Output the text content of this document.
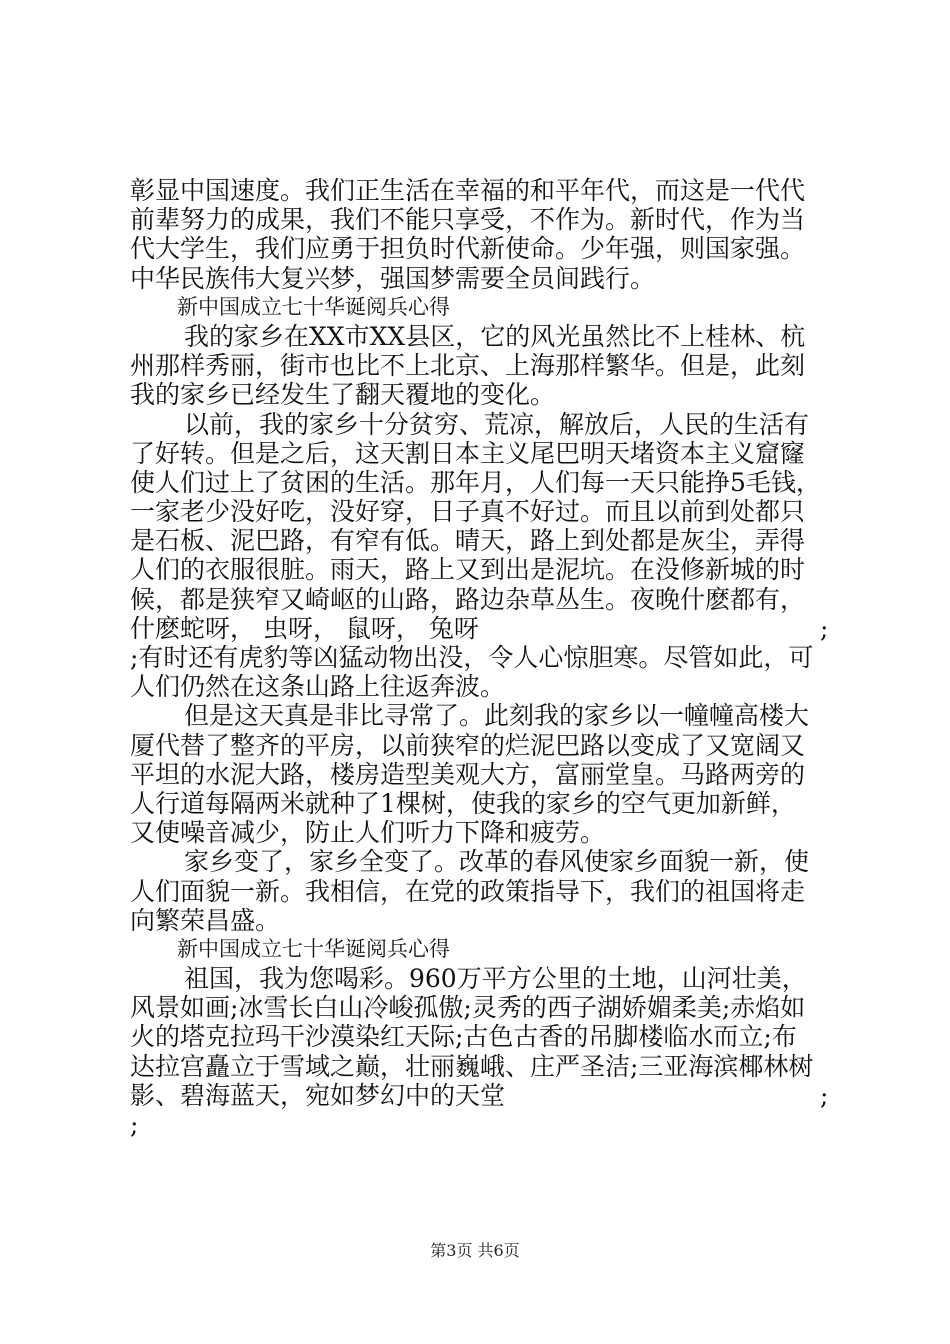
彰显中国速度。我们正生活在幸福的和平年代，而这是一代代
前辈努力的成果，我们不能只享受，不作为。新时代，作为当
代大学生，我们应勇于担负时代新使命。少年强，则国家强。
中华民族伟大复兴梦，强国梦需要全员间践行。
新中国成立七十华诞阅兵心得
我的家乡在XX市XX县区，它的风光虽然比不上桂林、杭
州那样秀丽，街市也比不上北京、上海那样繁华。但是，此刻
我的家乡已经发生了翻天覆地的变化。
以前，我的家乡十分贫穷、荒凉，解放后，人民的生活有
了好转。但是之后，这天割日本主义尾巴明天堵资本主义窟窿
使人们过上了贫困的生活。那年月，人们每一天只能挣5毛钱，
一家老少没好吃，没好穿，日子真不好过。而且以前到处都只
是石板、泥巴路，有窄有低。晴天，路上到处都是灰尘，弄得
人们的衣服很脏。雨天，路上又到出是泥坑。在没修新城的时
候，都是狭窄又崎岖的山路，路边杂草丛生。夜晚什麽都有，
什麽蛇呀， 虫呀， 鼠呀， 兔呀	;
;有时还有虎豹等凶猛动物出没，令人心惊胆寒。尽管如此，可
人们仍然在这条山路上往返奔波。
但是这天真是非比寻常了。此刻我的家乡以一幢幢高楼大
厦代替了整齐的平房，以前狭窄的烂泥巴路以变成了又宽阔又
平坦的水泥大路，楼房造型美观大方，富丽堂皇。马路两旁的
人行道每隔两米就种了1棵树，使我的家乡的空气更加新鲜，
又使噪音减少，防止人们听力下降和疲劳。
家乡变了，家乡全变了。改革的春风使家乡面貌一新，使
人们面貌一新。我相信，在党的政策指导下，我们的祖国将走
向繁荣昌盛。
新中国成立七十华诞阅兵心得
祖国，我为您喝彩。960万平方公里的土地，山河壮美，
风景如画;冰雪长白山冷峻孤傲;灵秀的西子湖娇媚柔美;赤焰如
火的塔克拉玛干沙漠染红天际;古色古香的吊脚楼临水而立;布
达拉宫矗立于雪域之巅，壮丽巍峨、庄严圣洁;三亚海滨椰林树
影、碧海蓝天，宛如梦幻中的天堂	;
;
第3页 共6页
